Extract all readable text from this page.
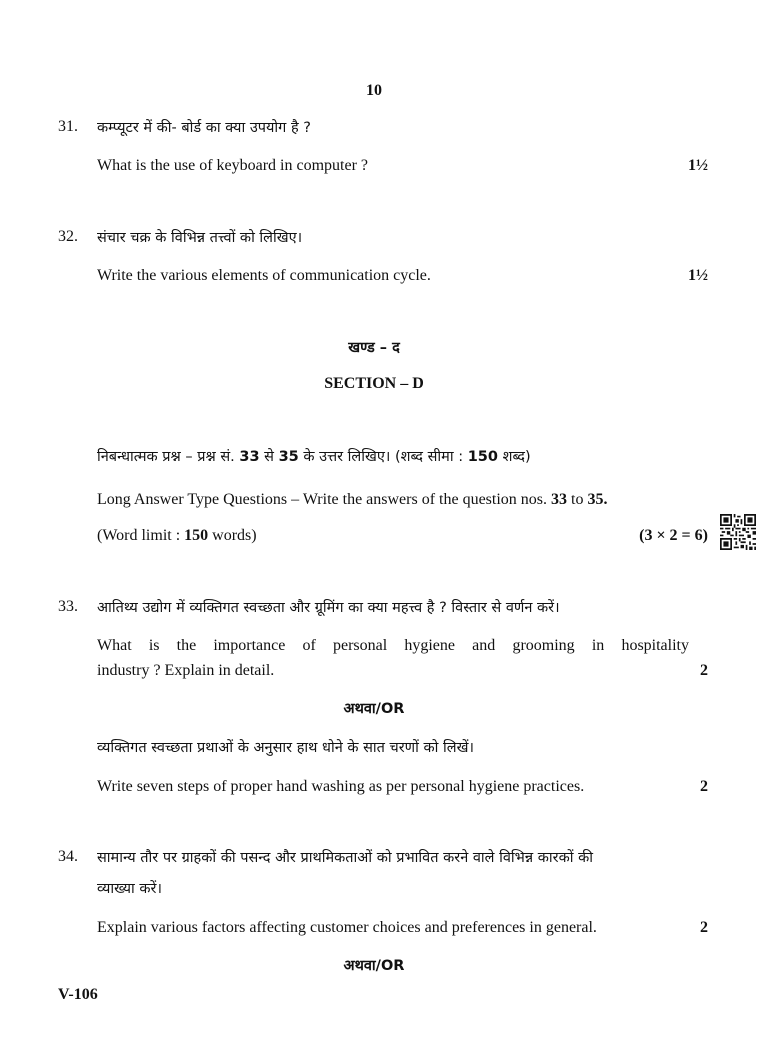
10
31. कम्प्यूटर में की- बोर्ड का क्या उपयोग है ?
What is the use of keyboard in computer ?	1½
32. संचार चक्र के विभिन्न तत्त्वों को लिखिए।
Write the various elements of communication cycle.	1½
खण्ड – द
SECTION – D
निबन्धात्मक प्रश्न – प्रश्न सं. 33 से 35 के उत्तर लिखिए। (शब्द सीमा : 150 शब्द)
Long Answer Type Questions – Write the answers of the question nos. 33 to 35.
(Word limit : 150 words)	(3 × 2 = 6)
33. आतिथ्य उद्योग में व्यक्तिगत स्वच्छता और ग्रूमिंग का क्या महत्त्व है ? विस्तार से वर्णन करें।
What is the importance of personal hygiene and grooming in hospitality
industry ? Explain in detail.	2
अथवा/OR
व्यक्तिगत स्वच्छता प्रथाओं के अनुसार हाथ धोने के सात चरणों को लिखें।
Write seven steps of proper hand washing as per personal hygiene practices.	2
34. सामान्य तौर पर ग्राहकों की पसन्द और प्राथमिकताओं को प्रभावित करने वाले विभिन्न कारकों की
व्याख्या करें।
Explain various factors affecting customer choices and preferences in general.	2
अथवा/OR
V-106
